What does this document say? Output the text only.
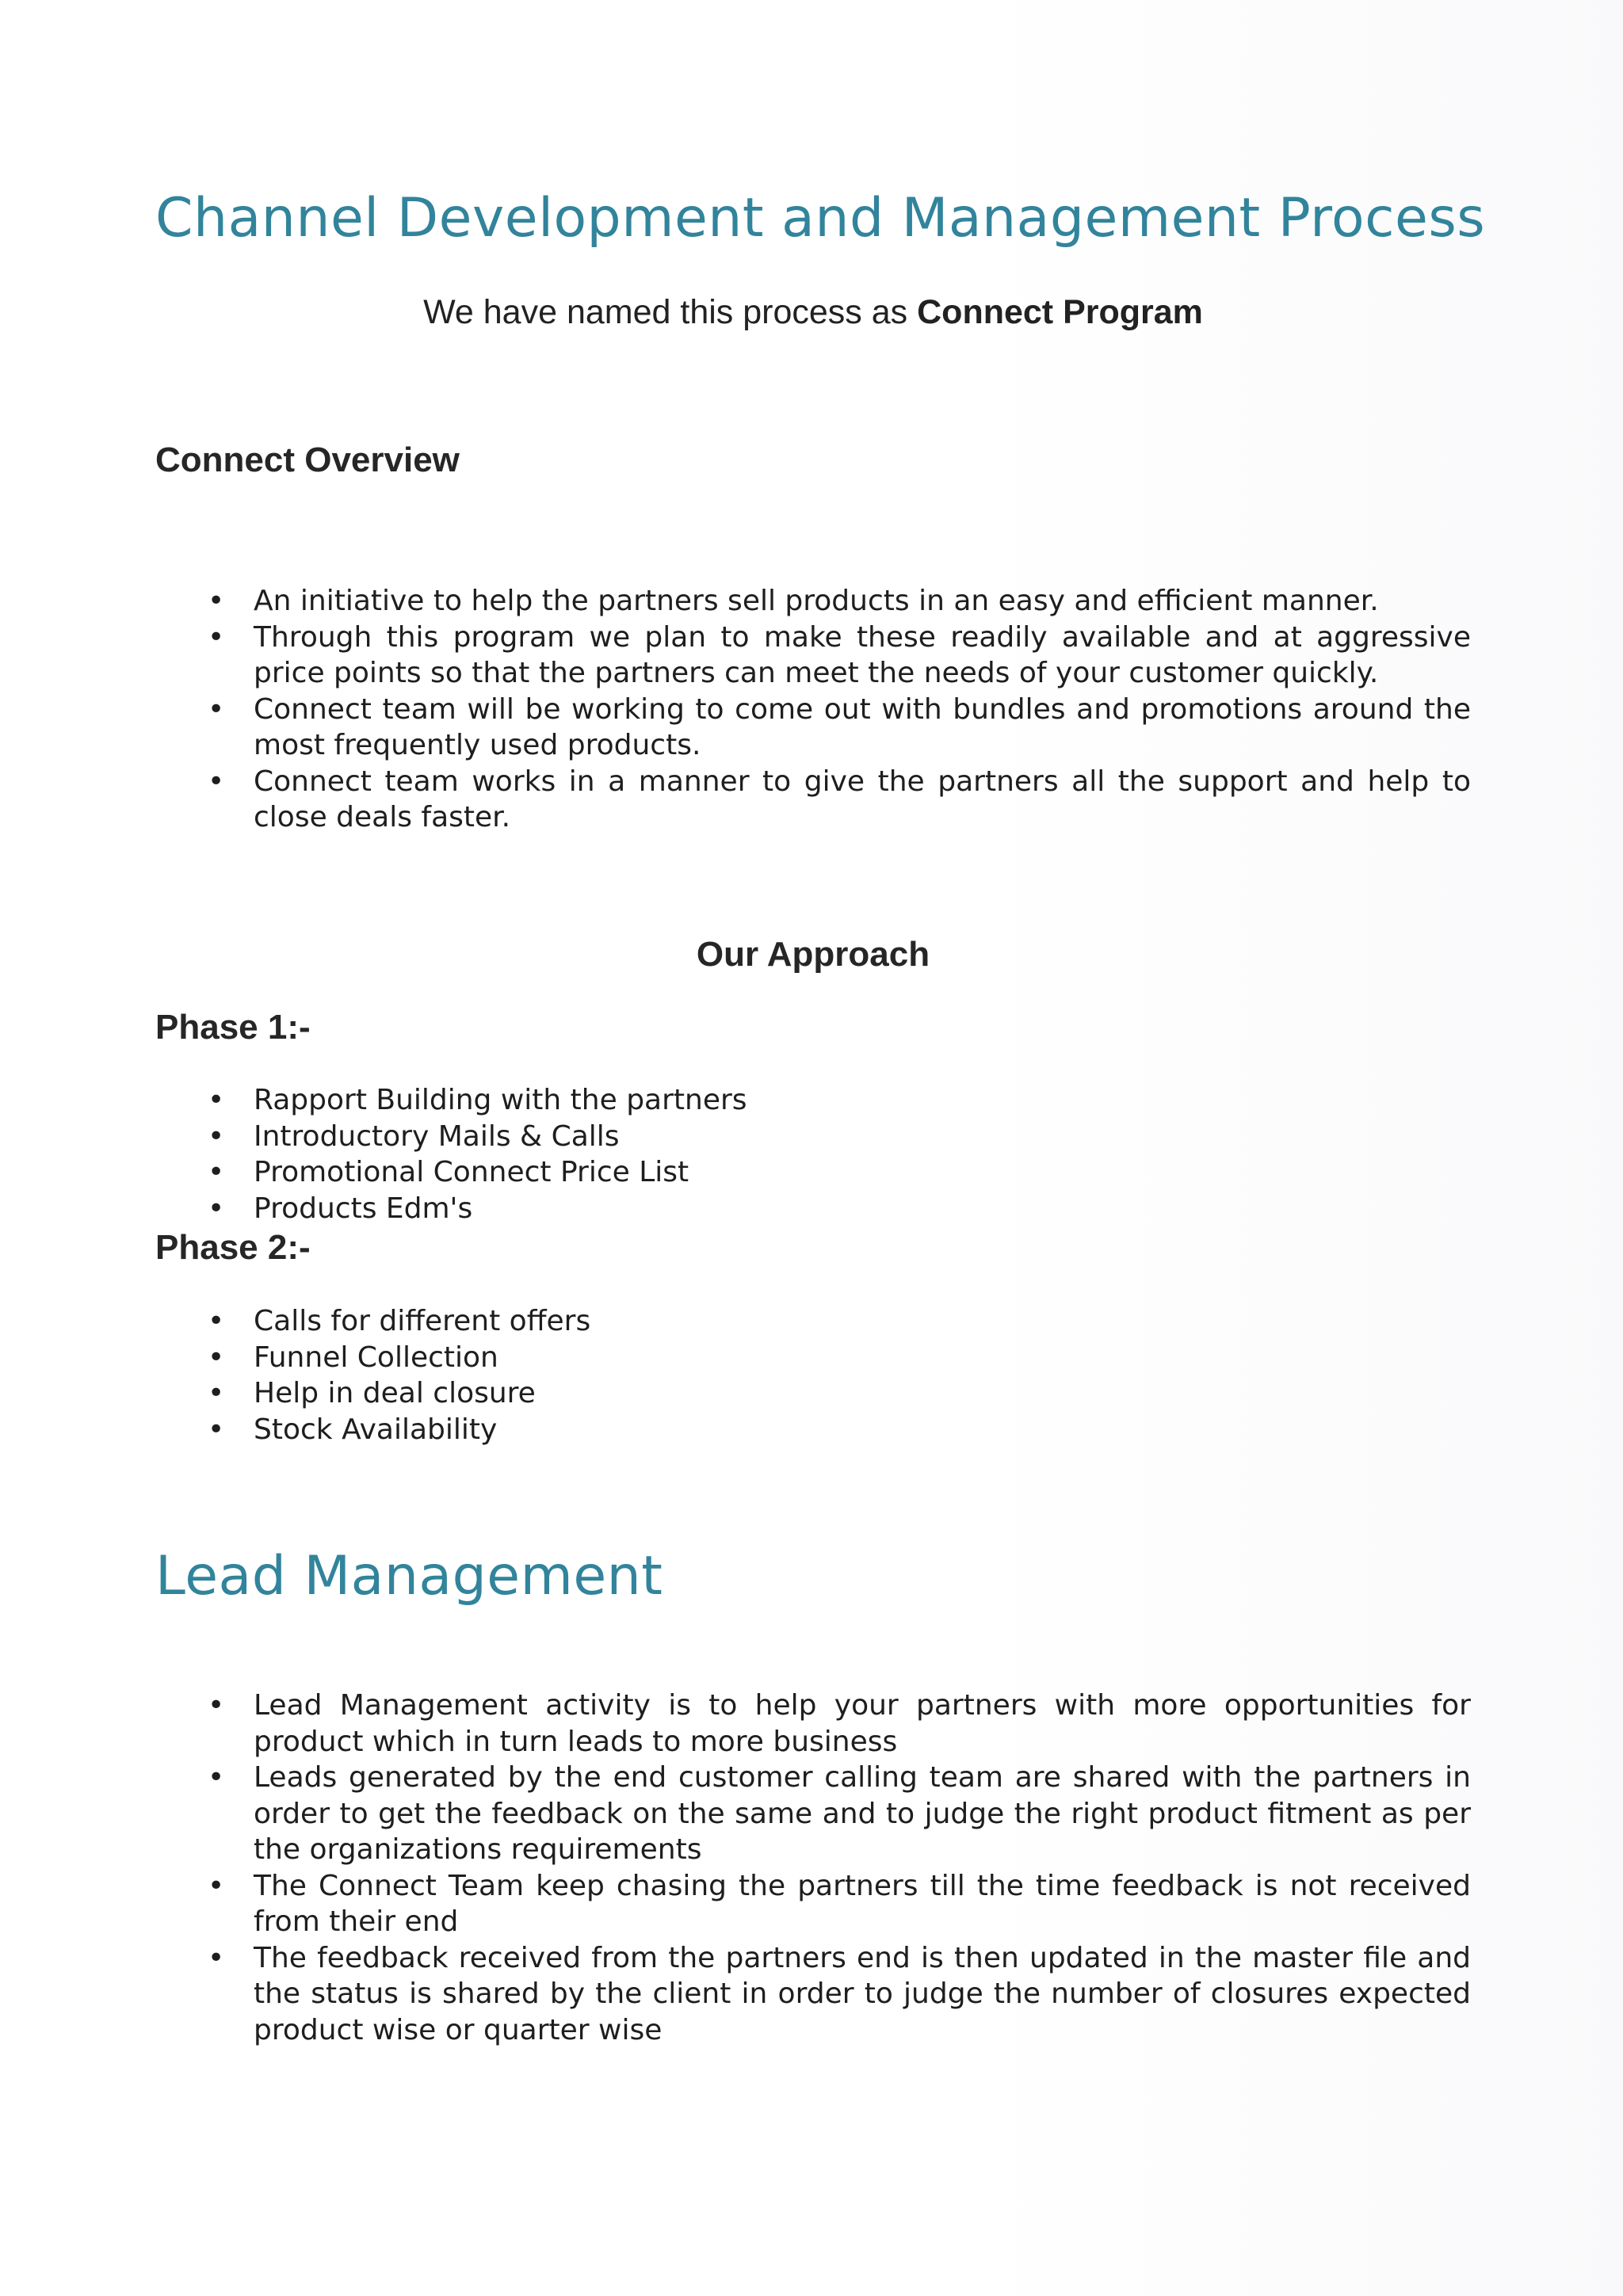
Channel Development and Management Process
We have named this process as Connect Program
Connect Overview
• An initiative to help the partners sell products in an easy and efficient manner.
• Through this program we plan to make these readily available and at aggressive price points so that the partners can meet the needs of your customer quickly.
• Connect team will be working to come out with bundles and promotions around the most frequently used products.
• Connect team works in a manner to give the partners all the support and help to close deals faster.
Our Approach
Phase 1:-
• Rapport Building with the partners
• Introductory Mails & Calls
• Promotional Connect Price List
• Products Edm's
Phase 2:-
• Calls for different offers
• Funnel Collection
• Help in deal closure
• Stock Availability
Lead Management
• Lead Management activity is to help your partners with more opportunities for product which in turn leads to more business
• Leads generated by the end customer calling team are shared with the partners in order to get the feedback on the same and to judge the right product fitment as per the organizations requirements
• The Connect Team keep chasing the partners till the time feedback is not received from their end
• The feedback received from the partners end is then updated in the master file and the status is shared by the client in order to judge the number of closures expected product wise or quarter wise
